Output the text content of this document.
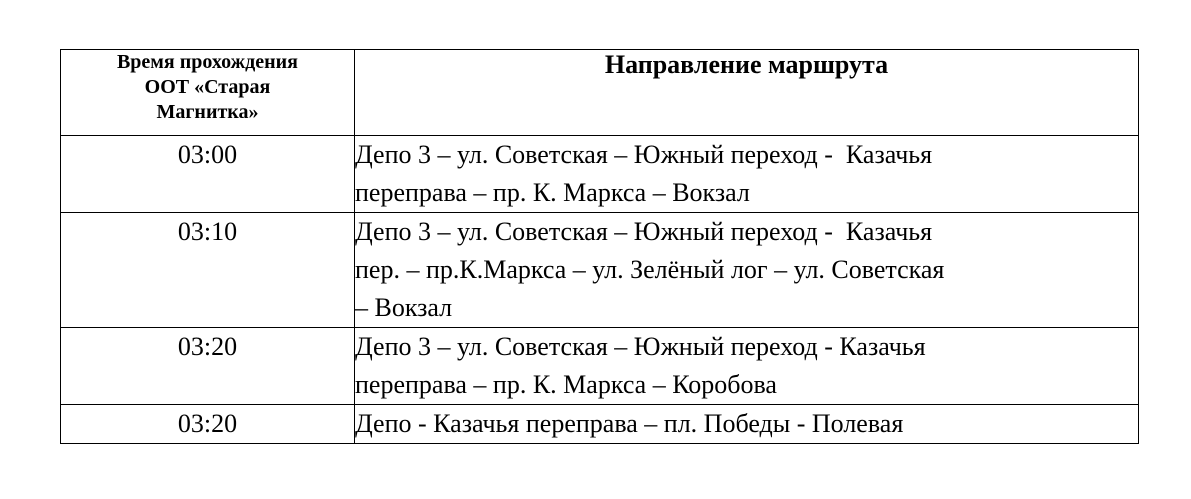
Время прохождения
ООТ «Старая
Магнитка»	Направление маршрута
03:00	Депо 3 – ул. Советская – Южный переход -  Казачья
переправа – пр. К. Маркса – Вокзал

03:10	Депо 3 – ул. Советская – Южный переход -  Казачья
пер. – пр.К.Маркса – ул. Зелёный лог – ул. Советская
– Вокзал

03:20	Депо 3 – ул. Советская – Южный переход - Казачья
переправа – пр. К. Маркса – Коробова

03:20	Депо - Казачья переправа – пл. Победы - Полевая
